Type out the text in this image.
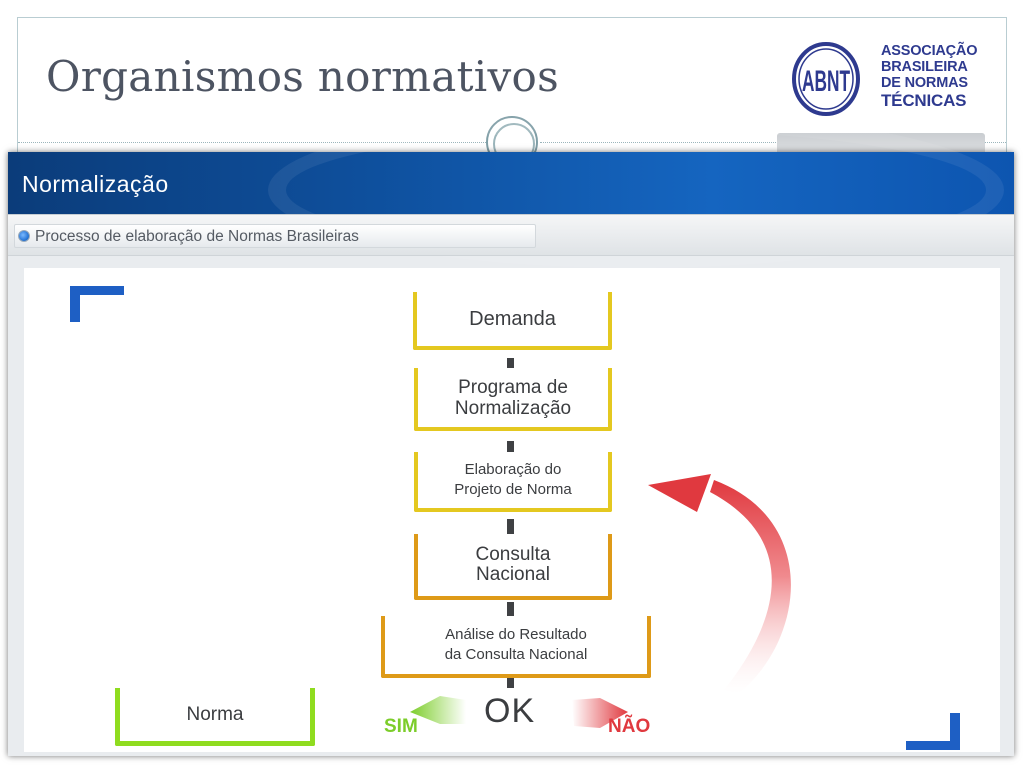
Organismos normativos	ABNT
ASSOCIAÇÃO
BRASILEIRA
DE NORMAS
TÉCNICAS
Normalização
Processo de elaboração de Normas Brasileiras
Demanda
Programa de
Normalização
Elaboração do
Projeto de Norma
Consulta
Nacional
Análise do Resultado
da Consulta Nacional
Norma	OK
SIM	NÃO
